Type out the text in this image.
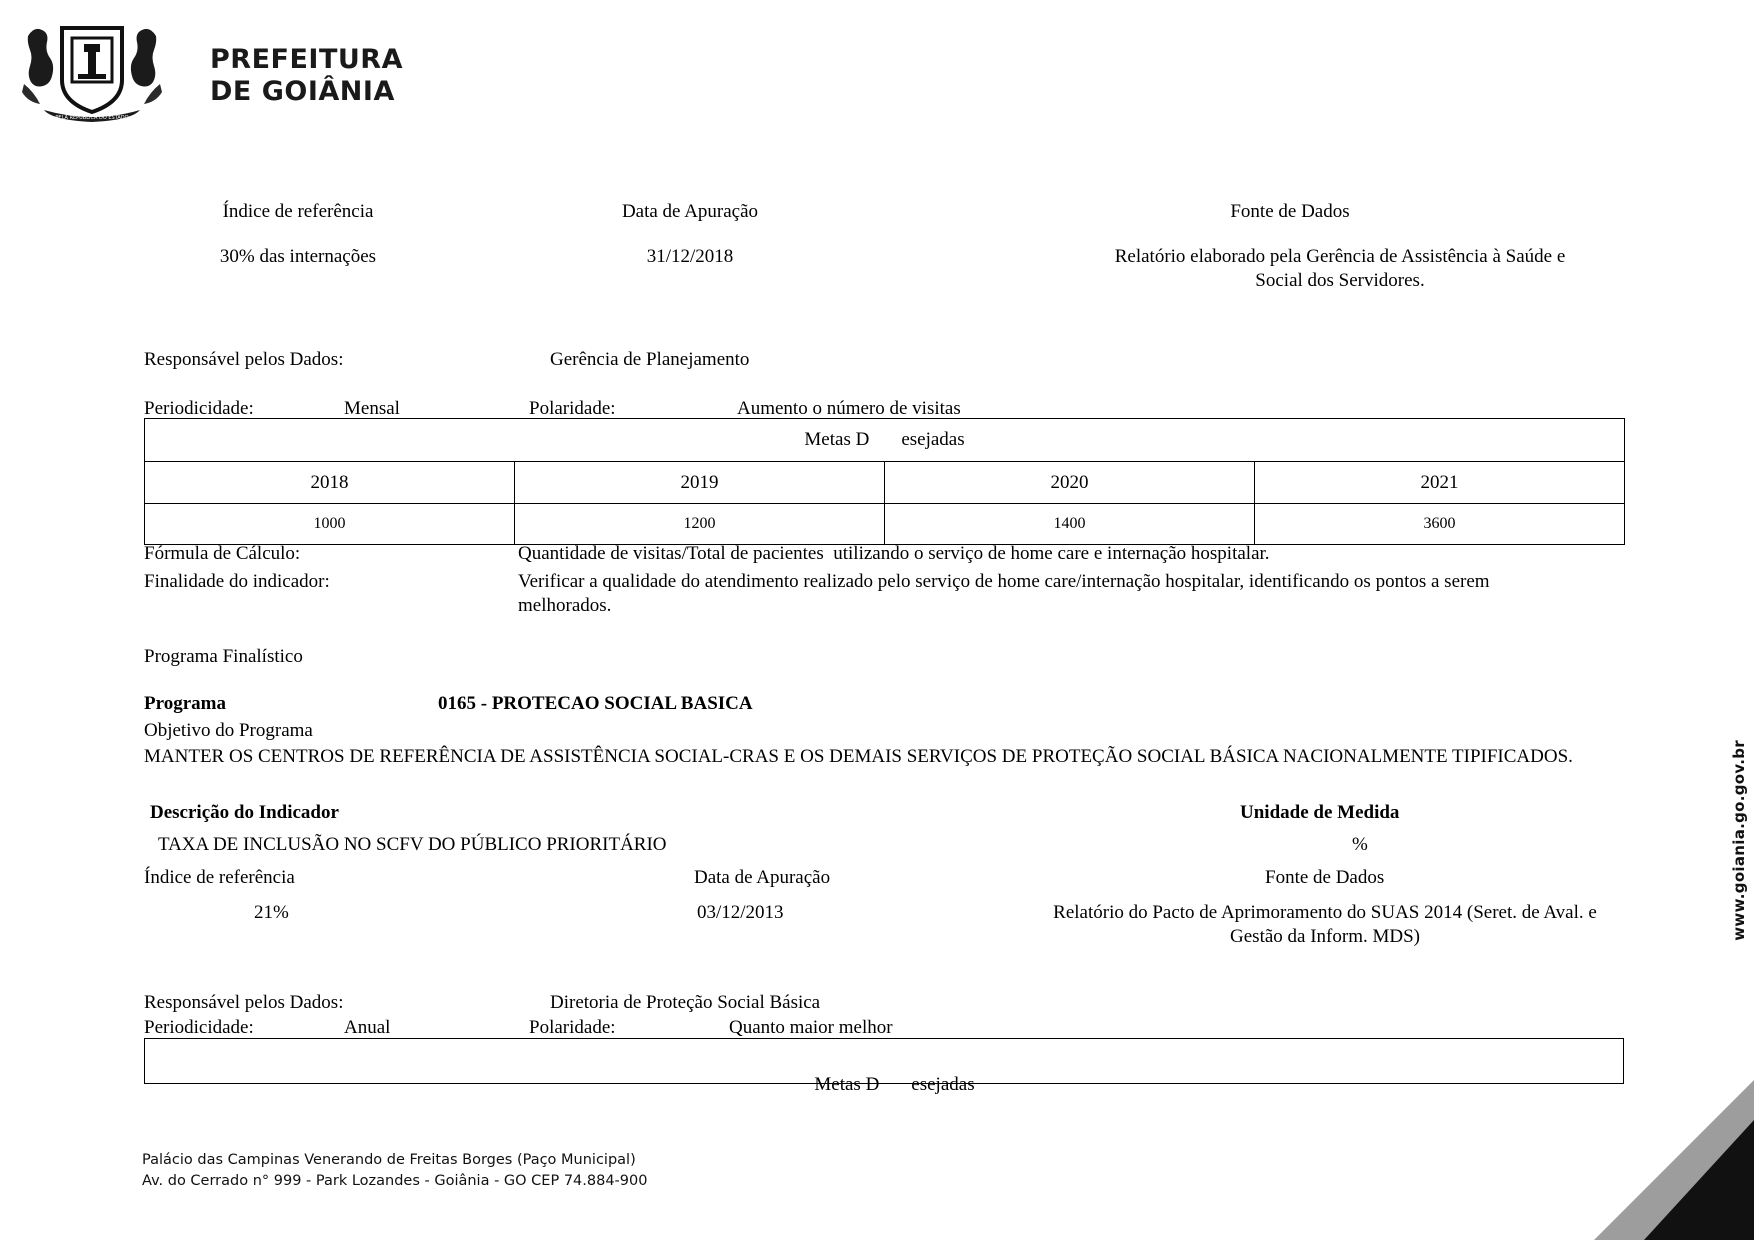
PELA REPÚBLICA DO ESTADO
PREFEITURA
DE GOIÂNIA
Índice de referência	Data de Apuração	Fonte de Dados
30% das internações	31/12/2018	Relatório elaborado pela Gerência de Assistência à Saúde e Social dos Servidores.
Responsável pelos Dados:	Gerência de Planejamento
Periodicidade:	Mensal	Polaridade:	Aumento o número de visitas
Metas D esejadas			
2018	2019	2020	2021
1000	1200	1400	3600
Fórmula de Cálculo:	Quantidade de visitas/Total de pacientes  utilizando o serviço de home care e internação hospitalar.
Finalidade do indicador:	Verificar a qualidade do atendimento realizado pelo serviço de home care/internação hospitalar, identificando os pontos a serem melhorados.
Programa Finalístico
Programa	0165 - PROTECAO SOCIAL BASICA
Objetivo do Programa
MANTER OS CENTROS DE REFERÊNCIA DE ASSISTÊNCIA SOCIAL-CRAS E OS DEMAIS SERVIÇOS DE PROTEÇÃO SOCIAL BÁSICA NACIONALMENTE TIPIFICADOS.
Descrição do Indicador	Unidade de Medida
TAXA DE INCLUSÃO NO SCFV DO PÚBLICO PRIORITÁRIO	%
Índice de referência	Data de Apuração	Fonte de Dados
21%	03/12/2013	Relatório do Pacto de Aprimoramento do SUAS 2014 (Seret. de Aval. e Gestão da Inform. MDS)
Responsável pelos Dados:	Diretoria de Proteção Social Básica
Periodicidade:	Anual	Polaridade:	Quanto maior melhor

Metas D esejadas

www.goiania.go.gov.br
Palácio das Campinas Venerando de Freitas Borges (Paço Municipal)
Av. do Cerrado n° 999 - Park Lozandes - Goiânia - GO CEP 74.884-900
